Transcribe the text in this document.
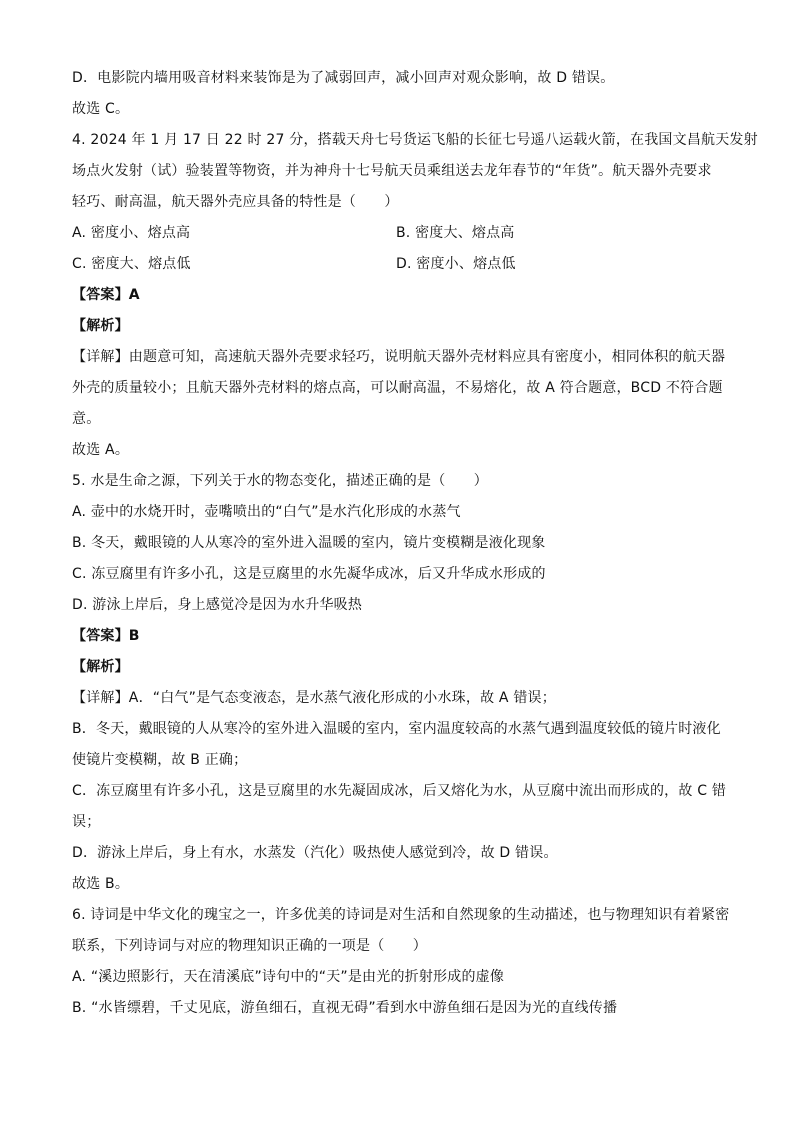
D．电影院内墙用吸音材料来装饰是为了减弱回声，减小回声对观众影响，故 D 错误。
故选 C。
4. 2024 年 1 月 17 日 22 时 27 分，搭载天舟七号货运飞船的长征七号遥八运载火箭，在我国文昌航天发射
场点火发射（试）验装置等物资，并为神舟十七号航天员乘组送去龙年春节的“年货”。航天器外壳要求
轻巧、耐高温，航天器外壳应具备的特性是（　　）
A. 密度小、熔点高	B. 密度大、熔点高
C. 密度大、熔点低	D. 密度小、熔点低
【答案】A
【解析】
【详解】由题意可知，高速航天器外壳要求轻巧，说明航天器外壳材料应具有密度小，相同体积的航天器
外壳的质量较小；且航天器外壳材料的熔点高，可以耐高温，不易熔化，故 A 符合题意，BCD 不符合题
意。
故选 A。
5. 水是生命之源，下列关于水的物态变化，描述正确的是（　　）
A. 壶中的水烧开时，壶嘴喷出的“白气”是水汽化形成的水蒸气
B. 冬天，戴眼镜的人从寒冷的室外进入温暖的室内，镜片变模糊是液化现象
C. 冻豆腐里有许多小孔，这是豆腐里的水先凝华成冰，后又升华成水形成的
D. 游泳上岸后，身上感觉冷是因为水升华吸热
【答案】B
【解析】
【详解】A．“白气”是气态变液态，是水蒸气液化形成的小水珠，故 A 错误；
B．冬天，戴眼镜的人从寒冷的室外进入温暖的室内，室内温度较高的水蒸气遇到温度较低的镜片时液化
使镜片变模糊，故 B 正确；
C．冻豆腐里有许多小孔，这是豆腐里的水先凝固成冰，后又熔化为水，从豆腐中流出而形成的，故 C 错
误；
D．游泳上岸后，身上有水，水蒸发（汽化）吸热使人感觉到冷，故 D 错误。
故选 B。
6. 诗词是中华文化的瑰宝之一，许多优美的诗词是对生活和自然现象的生动描述，也与物理知识有着紧密
联系，下列诗词与对应的物理知识正确的一项是（　　）
A. “溪边照影行，天在清溪底”诗句中的“天”是由光的折射形成的虚像
B. “水皆缥碧，千丈见底，游鱼细石，直视无碍”看到水中游鱼细石是因为光的直线传播
